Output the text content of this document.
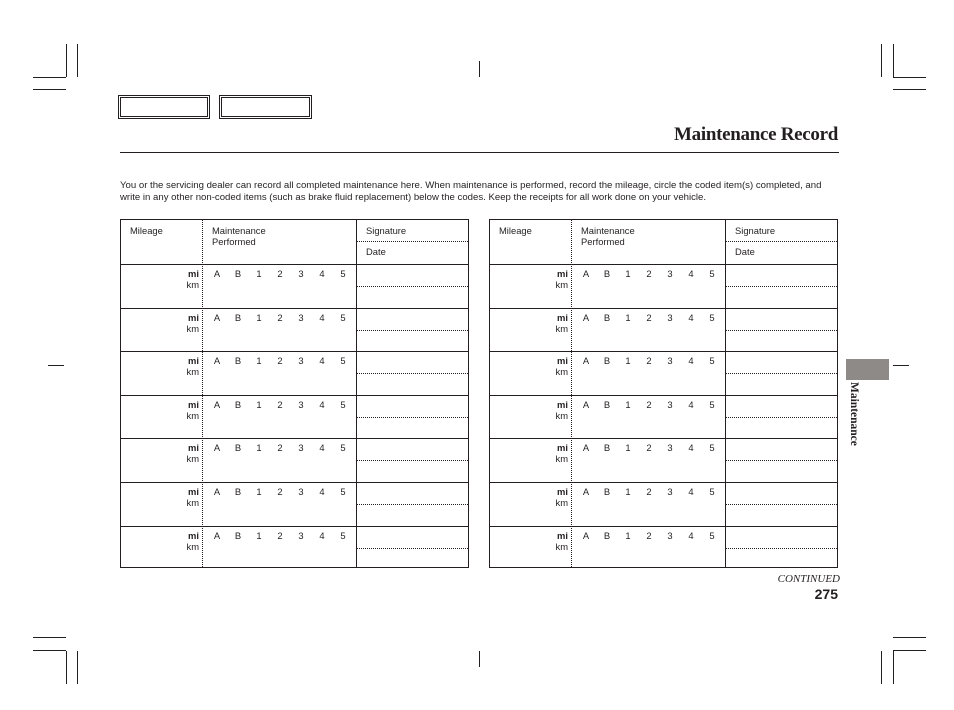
Maintenance Record

You or the servicing dealer can record all completed maintenance here. When maintenance is performed, record the mileage, circle the coded item(s) completed, and write in any other non-coded items (such as brake fluid replacement) below the codes. Keep the receipts for all work done on your vehicle.

Mileage	Maintenance
Performed
Signature
Date
mi
km
A B 1 2 3 4 5
mi
km
A B 1 2 3 4 5
mi
km
A B 1 2 3 4 5
mi
km
A B 1 2 3 4 5
mi
km
A B 1 2 3 4 5
mi
km
A B 1 2 3 4 5
mi
km
A B 1 2 3 4 5
Mileage	Maintenance
Performed
Signature
Date
mi
km
A B 1 2 3 4 5
mi
km
A B 1 2 3 4 5
mi
km
A B 1 2 3 4 5
mi
km
A B 1 2 3 4 5
mi
km
A B 1 2 3 4 5
mi
km
A B 1 2 3 4 5
mi
km
A B 1 2 3 4 5
Maintenance
CONTINUED
275
